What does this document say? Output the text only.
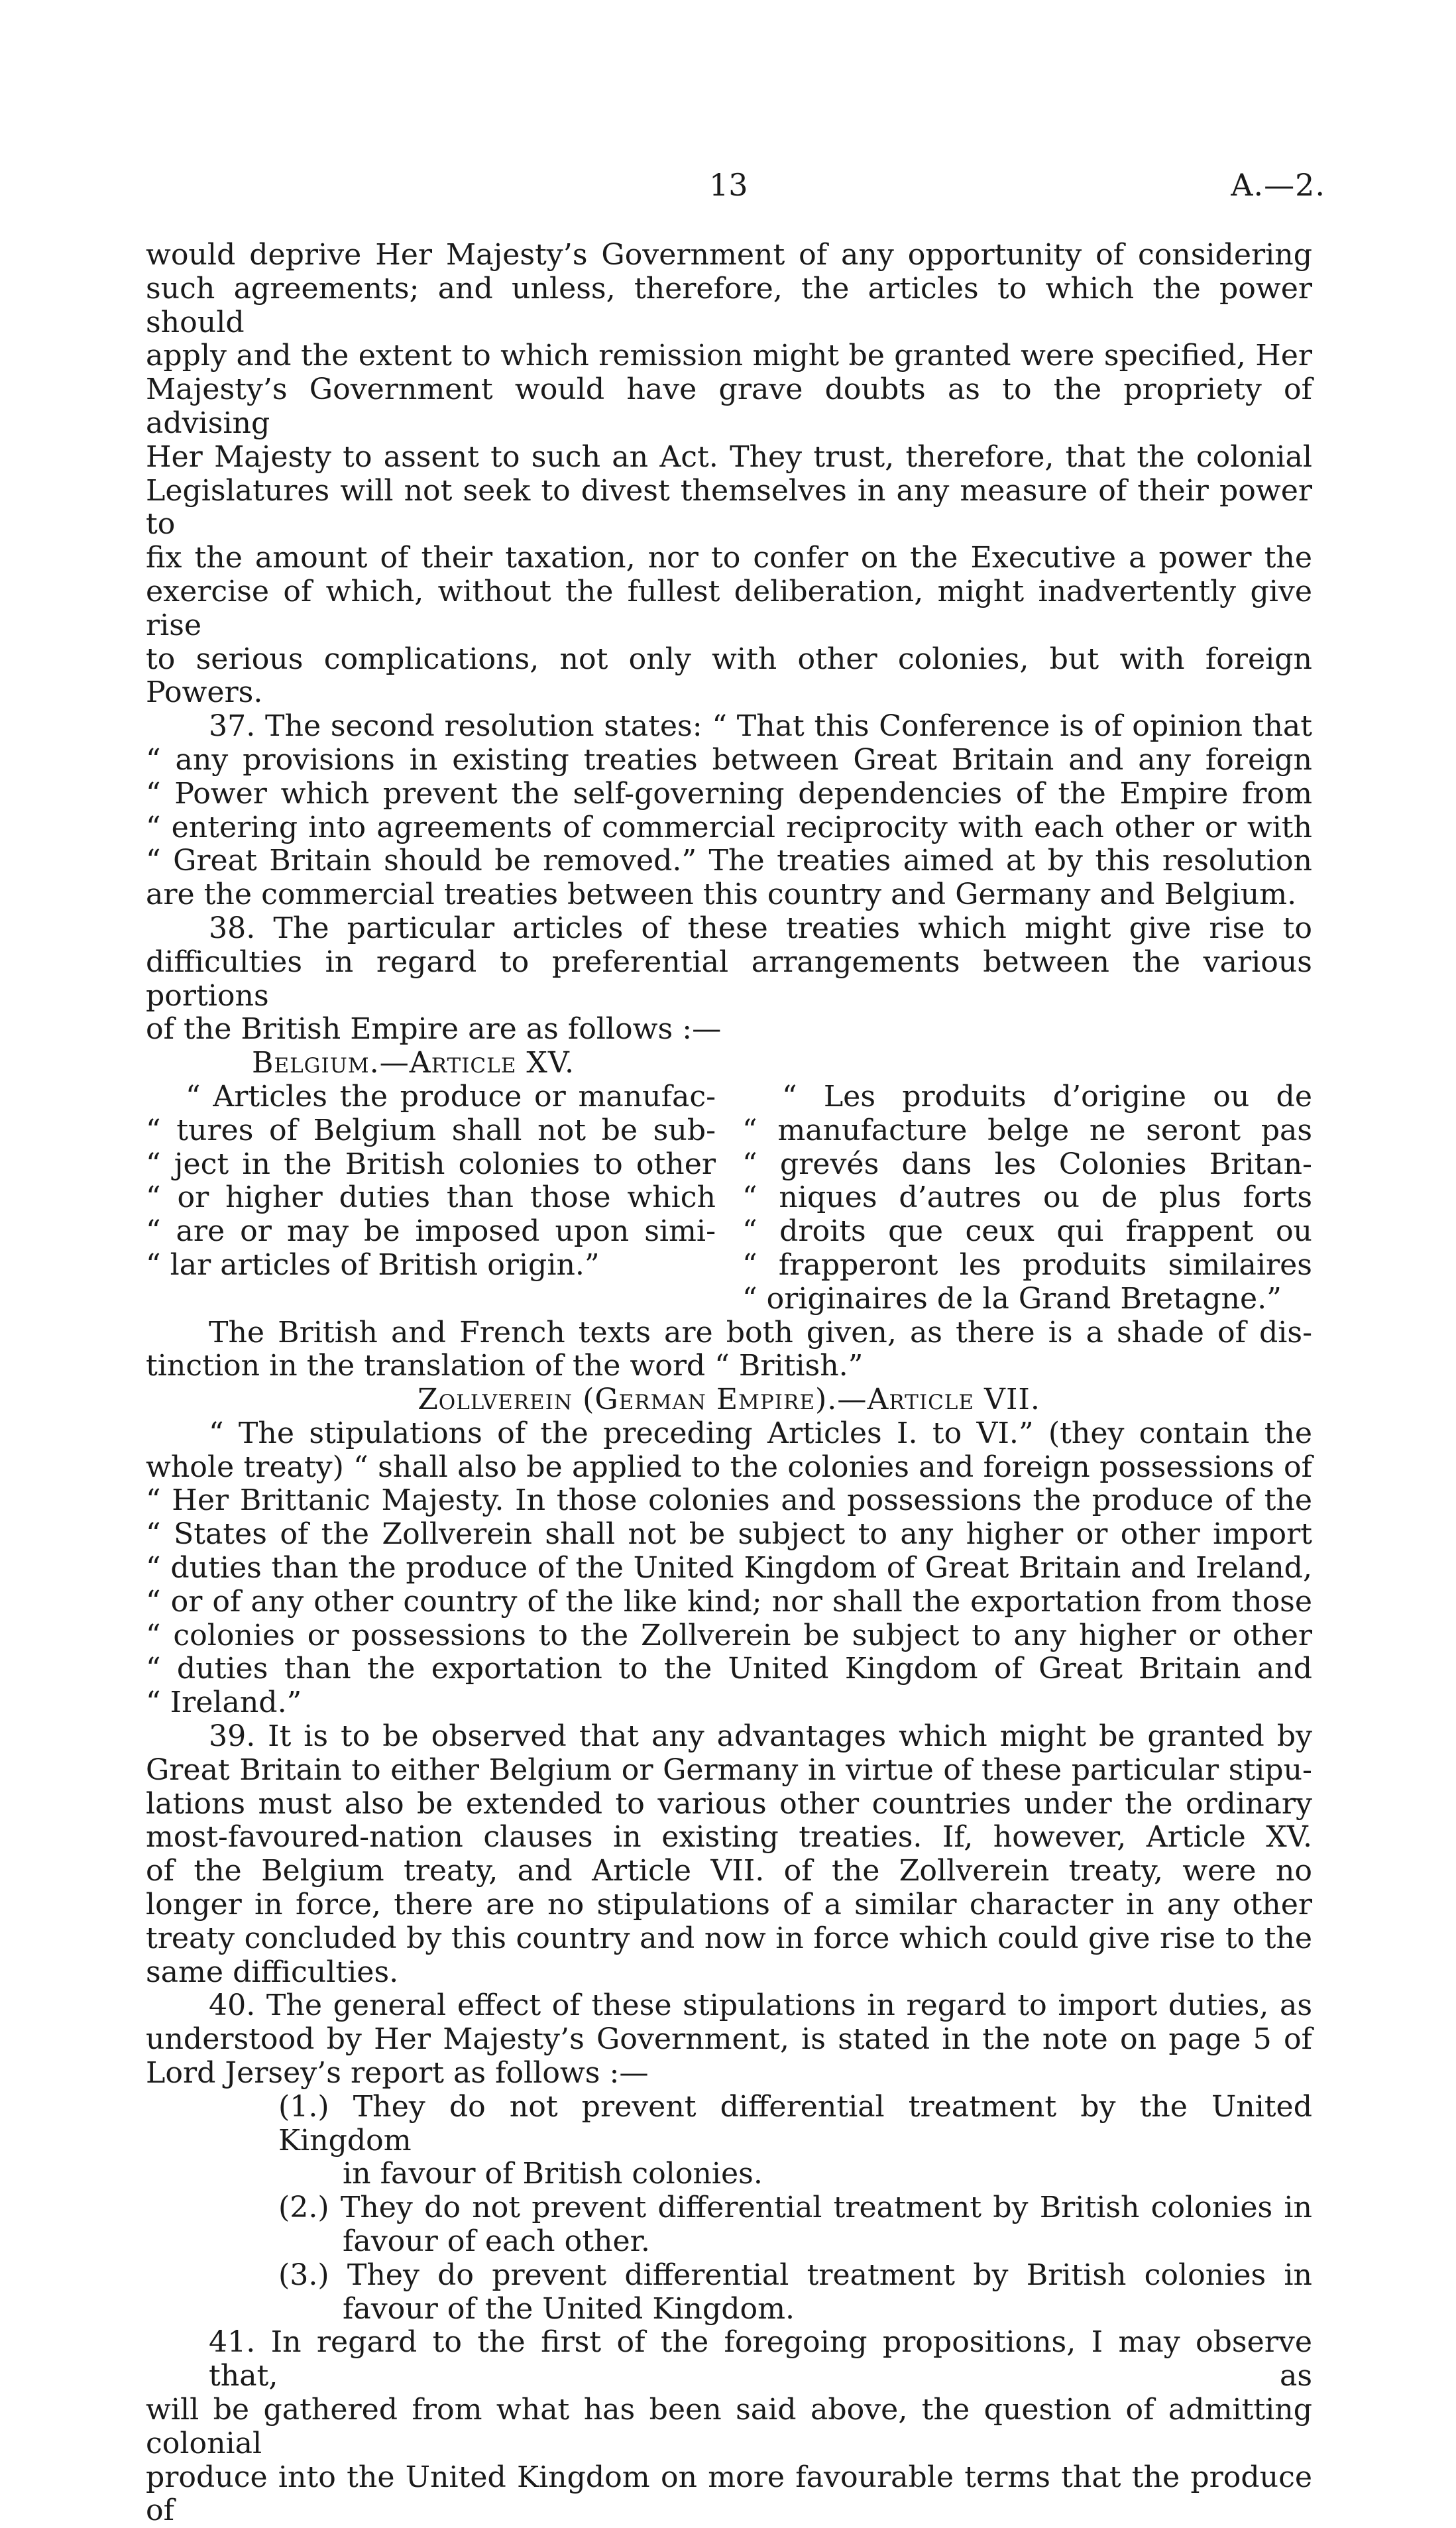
13	A.—2.

would deprive Her Majesty’s Government of any opportunity of considering
such agreements; and unless, therefore, the articles to which the power should
apply and the extent to which remission might be granted were specified, Her
Majesty’s Government would have grave doubts as to the propriety of advising
Her Majesty to assent to such an Act. They trust, therefore, that the colonial
Legislatures will not seek to divest themselves in any measure of their power to
fix the amount of their taxation, nor to confer on the Executive a power the
exercise of which, without the fullest deliberation, might inadvertently give rise
to serious complications, not only with other colonies, but with foreign Powers.

37. The second resolution states: “ That this Conference is of opinion that
“ any provisions in existing treaties between Great Britain and any foreign
“ Power which prevent the self-governing dependencies of the Empire from
“ entering into agreements of commercial reciprocity with each other or with
“ Great Britain should be removed.” The treaties aimed at by this resolution
are the commercial treaties between this country and Germany and Belgium.

38. The particular articles of these treaties which might give rise to
difficulties in regard to preferential arrangements between the various portions
of the British Empire are as follows :—

Belgium.—Article XV.

“ Articles the produce or manufac-
“ tures of Belgium shall not be sub-
“ ject in the British colonies to other
“ or higher duties than those which
“ are or may be imposed upon simi-
“ lar articles of British origin.”
“ Les produits d’origine ou de
“ manufacture belge ne seront pas
“ grevés dans les Colonies Britan-
“ niques d’autres ou de plus forts
“ droits que ceux qui frappent ou
“ frapperont les produits similaires
“ originaires de la Grand Bretagne.”

The British and French texts are both given, as there is a shade of dis-
tinction in the translation of the word “ British.”

Zollverein (German Empire).—Article VII.

“ The stipulations of the preceding Articles I. to VI.” (they contain the
whole treaty) “ shall also be applied to the colonies and foreign possessions of
“ Her Brittanic Majesty. In those colonies and possessions the produce of the
“ States of the Zollverein shall not be subject to any higher or other import
“ duties than the produce of the United Kingdom of Great Britain and Ireland,
“ or of any other country of the like kind; nor shall the exportation from those
“ colonies or possessions to the Zollverein be subject to any higher or other
“ duties than the exportation to the United Kingdom of Great Britain and
“ Ireland.”

39. It is to be observed that any advantages which might be granted by
Great Britain to either Belgium or Germany in virtue of these particular stipu-
lations must also be extended to various other countries under the ordinary
most-favoured-nation clauses in existing treaties. If, however, Article XV.
of the Belgium treaty, and Article VII. of the Zollverein treaty, were no
longer in force, there are no stipulations of a similar character in any other
treaty concluded by this country and now in force which could give rise to the
same difficulties.

40. The general effect of these stipulations in regard to import duties, as
understood by Her Majesty’s Government, is stated in the note on page 5 of
Lord Jersey’s report as follows :—

(1.) They do not prevent differential treatment by the United Kingdom
in favour of British colonies.

(2.) They do not prevent differential treatment by British colonies in
favour of each other.

(3.) They do prevent differential treatment by British colonies in
favour of the United Kingdom.

41. In regard to the first of the foregoing propositions, I may observe that, as
will be gathered from what has been said above, the question of admitting colonial
produce into the United Kingdom on more favourable terms that the produce of
